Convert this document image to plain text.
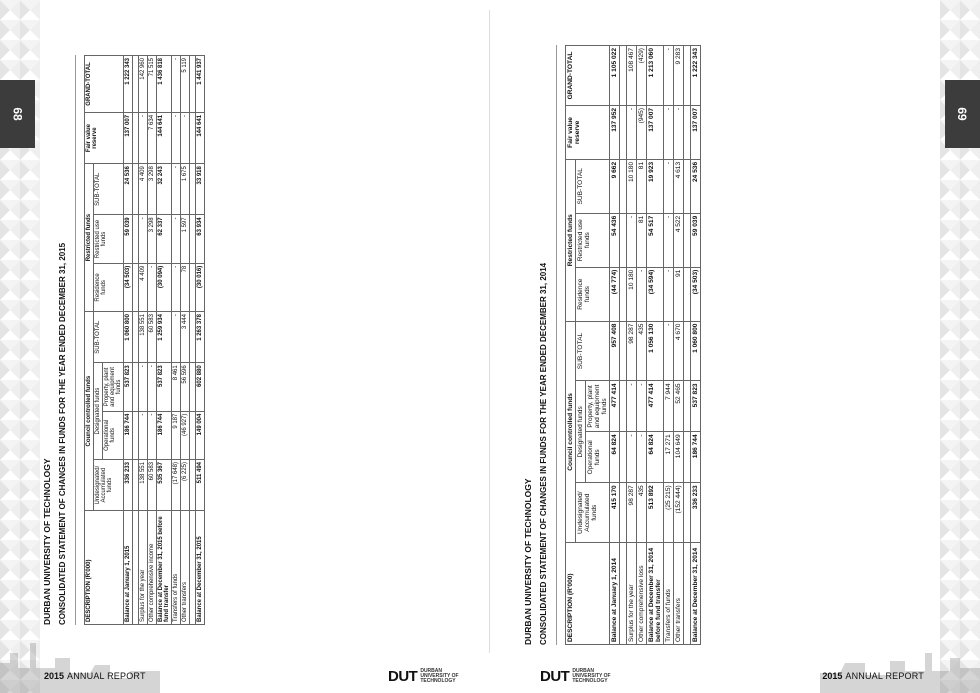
68	69
2015 ANNUAL REPORT	2015 ANNUAL REPORT
DUT DURBAN
UNIVERSITY OF
TECHNOLOGY	DUT DURBAN
UNIVERSITY OF
TECHNOLOGY
DURBAN UNIVERSITY OF TECHNOLOGY CONSOLIDATED STATEMENT OF CHANGES IN FUNDS FOR THE YEAR ENDED DECEMBER 31, 2015	DESCRIPTION (R'000)	Council controlled funds				Restricted funds			Fair value reserve	GRAND-TOTAL
	Undesignated/ Accumulated funds	Designated funds		SUB-TOTAL	Residence funds	Restricted use funds	SUB-TOTAL		
		Operational funds	Property, plant and equipment funds						
Balance at January 1, 2015	336 233	186 744	537 823	1 060 800	(34 503)	59 039	24 536	137 007	1 222 343

Surplus for the year	138 551	-	-	138 551	4 409	-	4 409	-	142 960
Other comprehensive income	60 583	-	-	60 583	-	3 298	3 298	7 634	71 515
Balance at December 31, 2015 before fund transfer	535 367	186 744	537 823	1 259 934	(30 094)	62 337	32 243	144 641	1 436 818
Transfers of funds	(17 648)	9 187	8 461	-	-	-	-	-	-
Other transfers	(6 225)	(46 927)	56 596	3 444	78	1 597	1 675	-	5 119

Balance at December 31, 2015	511 494	149 004	602 880	1 263 378	(30 016)	63 934	33 918	144 641	1 441 937
DURBAN UNIVERSITY OF TECHNOLOGY CONSOLIDATED STATEMENT OF CHANGES IN FUNDS FOR THE YEAR ENDED DECEMBER 31, 2014	DESCRIPTION (R'000)	Council controlled funds				Restricted funds			Fair value reserve	GRAND-TOTAL
	Undesignated/ Accumulated funds	Designated funds		SUB-TOTAL	Residence funds	Restricted use funds	SUB-TOTAL		
		Operational funds	Property, plant and equipment funds						
Balance at January 1, 2014	415 170	64 824	477 414	957 408	(44 774)	54 436	9 662	137 952	1 105 022

Surplus for the year	98 287	-	-	98 287	10 180	-	10 180	-	108 467
Other comprehensive loss	435	-	-	435	-	81	81	(945)	(429)
Balance at December 31, 2014 before fund transfer	513 892	64 824	477 414	1 056 130	(34 594)	54 517	19 923	137 007	1 213 060
Transfers of funds	(25 215)	17 271	7 944	-	-	-	-	-	-
Other transfers	(152 444)	104 649	52 465	4 670	91	4 522	4 613	-	9 283

Balance at December 31, 2014	336 233	186 744	537 823	1 060 800	(34 503)	59 039	24 536	137 007	1 222 343
